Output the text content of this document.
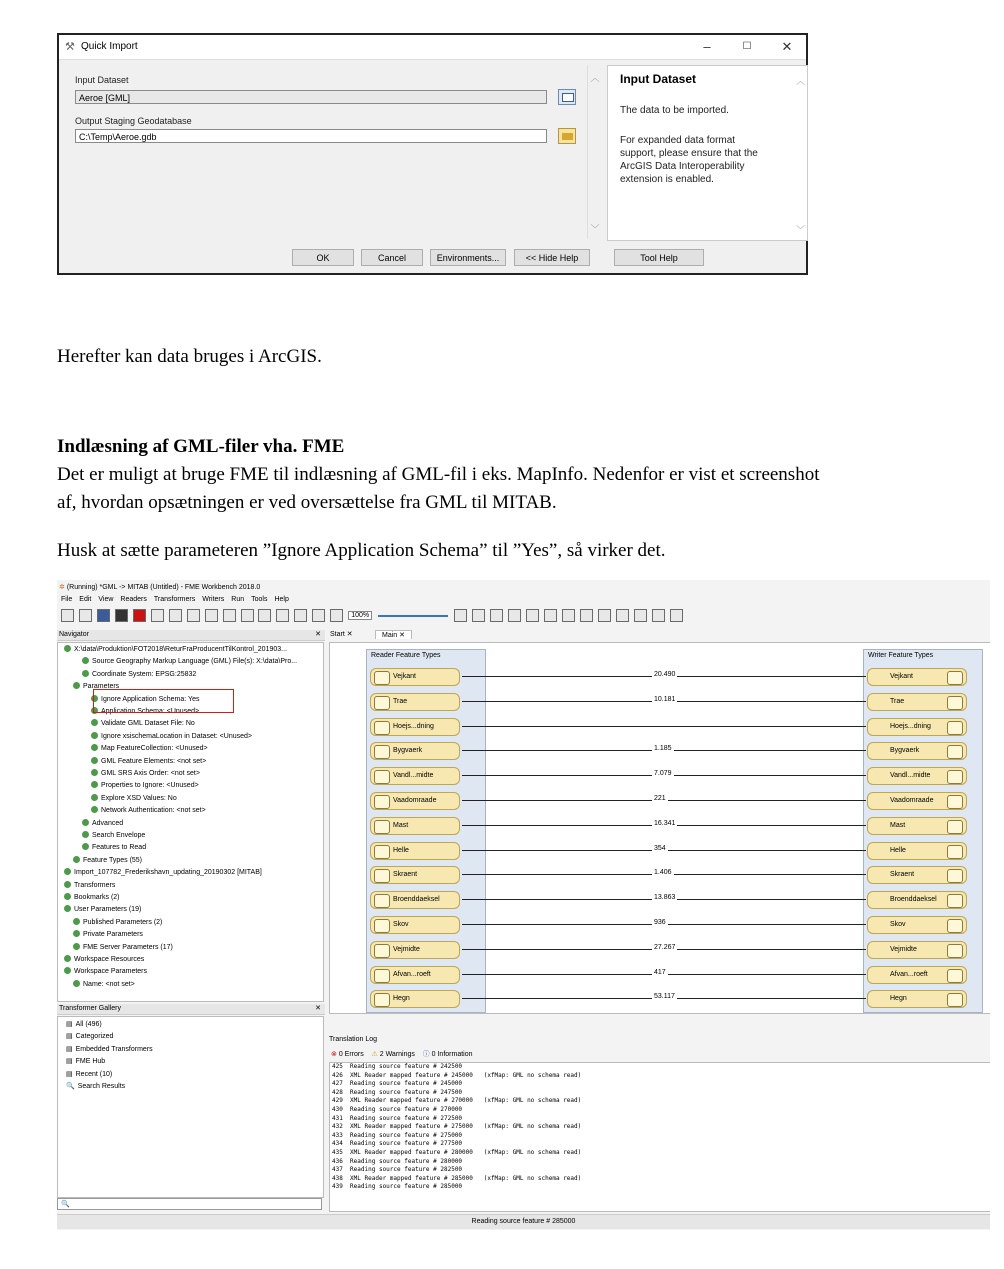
⚒ Quick Import	–	☐	✕
Input Dataset
Aeroe [GML]
Output Staging Geodatabase
C:\Temp\Aeroe.gdb
︿
﹀
Input Dataset
The data to be imported.
For expanded data format
support, please ensure that the
ArcGIS Data Interoperability
extension is enabled.
︿
﹀
OK	Cancel	Environments...	<< Hide Help	Tool Help
Herefter kan data bruges i ArcGIS.
Indlæsning af GML-filer vha. FME
Det er muligt at bruge FME til indlæsning af GML-fil i eks. MapInfo. Nedenfor er vist et screenshot
af, hvordan opsætningen er ved oversættelse fra GML til MITAB.
Husk at sætte parameteren ”Ignore Application Schema” til ”Yes”, så virker det.
✲ (Running) *GML -> MITAB (Untitled) - FME Workbench 2018.0
File Edit View Readers Transformers Writers Run Tools Help
100%
Navigator	✕
X:\data\Produktion\FOT2018\ReturFraProducentTilKontrol_201903...
Source Geography Markup Language (GML) File(s): X:\data\Pro...
Coordinate System: EPSG:25832
Parameters
Ignore Application Schema: Yes
Application Schema: <Unused>
Validate GML Dataset File: No
Ignore xsischemaLocation in Dataset: <Unused>
Map FeatureCollection: <Unused>
GML Feature Elements: <not set>
GML SRS Axis Order: <not set>
Properties to Ignore: <Unused>
Explore XSD Values: No
Network Authentication: <not set>
Advanced
Search Envelope
Features to Read
Feature Types (55)
Import_107782_Frederikshavn_updating_20190302 [MITAB]
Transformers
Bookmarks (2)
User Parameters (19)
Published Parameters (2)
Private Parameters
FME Server Parameters (17)
Workspace Resources
Workspace Parameters
Name: <not set>
Transformer Gallery	✕
▤ All (496)
▤ Categorized
▤ Embedded Transformers
▤ FME Hub
▤ Recent (10)
🔍 Search Results
🔍
Start ✕	Main ✕
Reader Feature Types
Vejkant
Trae
Hoejs...dning
Bygvaerk
Vandl...midte
Vaadomraade
Mast
Helle
Skraent
Broenddaeksel
Skov
Vejmidte
Afvan...roeft
Hegn
Writer Feature Types
Vejkant
Trae
Hoejs...dning
Bygvaerk
Vandl...midte
Vaadomraade
Mast
Helle
Skraent
Broenddaeksel
Skov
Vejmidte
Afvan...roeft
Hegn
20.490
10.181
1.185
7.079
221
16.341
354
1.406
13.863
936
27.267
417
53.117
Translation Log
⊗ 0 Errors ⚠ 2 Warnings ⓘ 0 Information
425  Reading source feature # 242500
426  XML Reader mapped feature # 245000   (xfMap: GML no schema read)
427  Reading source feature # 245000
428  Reading source feature # 247500
429  XML Reader mapped feature # 270000   (xfMap: GML no schema read)
430  Reading source feature # 270000
431  Reading source feature # 272500
432  XML Reader mapped feature # 275000   (xfMap: GML no schema read)
433  Reading source feature # 275000
434  Reading source feature # 277500
435  XML Reader mapped feature # 280000   (xfMap: GML no schema read)
436  Reading source feature # 280000
437  Reading source feature # 282500
438  XML Reader mapped feature # 285000   (xfMap: GML no schema read)
439  Reading source feature # 285000
Reading source feature # 285000
